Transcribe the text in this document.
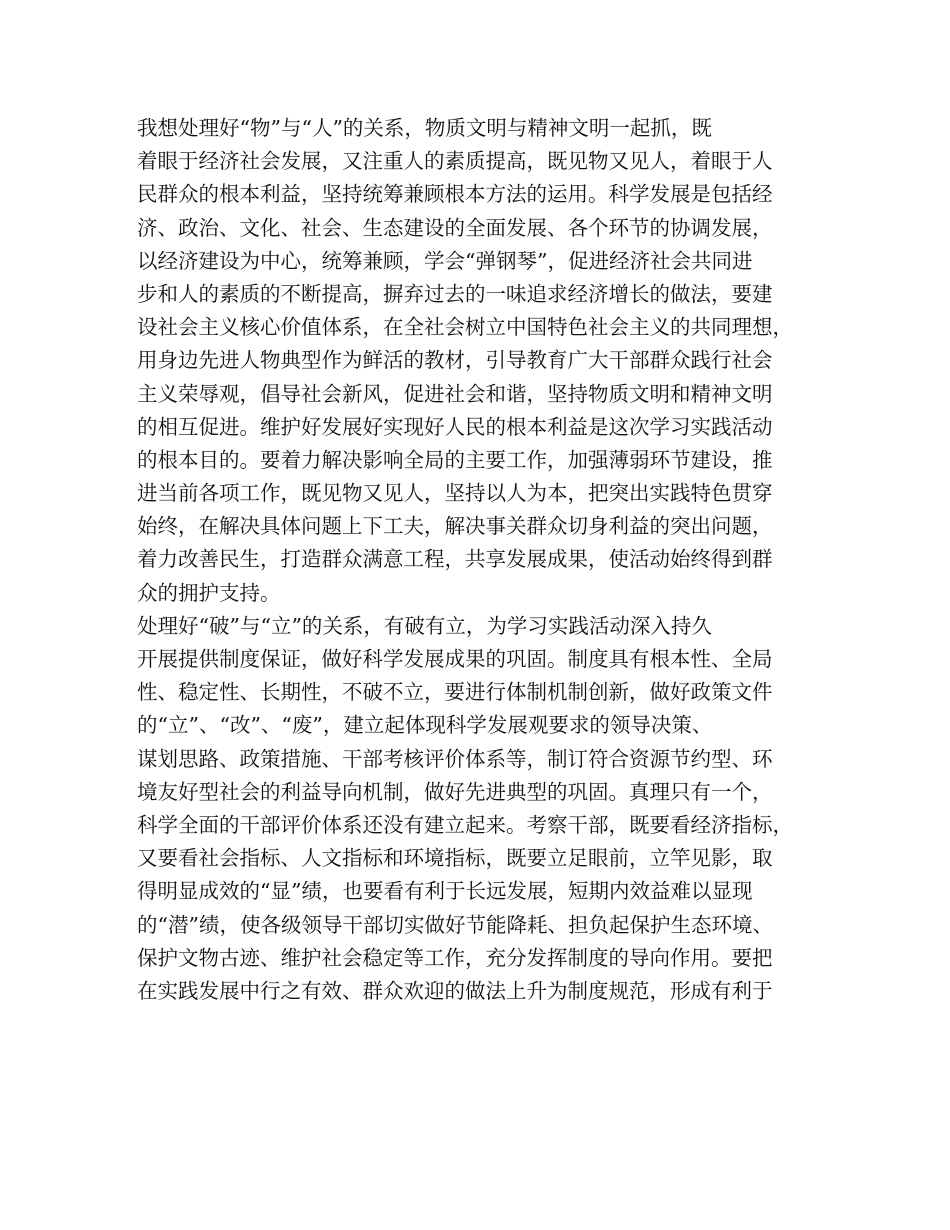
我想处理好“物”与“人”的关系，物质文明与精神文明一起抓，既
着眼于经济社会发展，又注重人的素质提高，既见物又见人，着眼于人
民群众的根本利益，坚持统筹兼顾根本方法的运用。科学发展是包括经
济、政治、文化、社会、生态建设的全面发展、各个环节的协调发展，
以经济建设为中心，统筹兼顾，学会“弹钢琴”，促进经济社会共同进
步和人的素质的不断提高，摒弃过去的一味追求经济增长的做法，要建
设社会主义核心价值体系，在全社会树立中国特色社会主义的共同理想，
用身边先进人物典型作为鲜活的教材，引导教育广大干部群众践行社会
主义荣辱观，倡导社会新风，促进社会和谐，坚持物质文明和精神文明
的相互促进。维护好发展好实现好人民的根本利益是这次学习实践活动
的根本目的。要着力解决影响全局的主要工作，加强薄弱环节建设，推
进当前各项工作，既见物又见人，坚持以人为本，把突出实践特色贯穿
始终，在解决具体问题上下工夫，解决事关群众切身利益的突出问题，
着力改善民生，打造群众满意工程，共享发展成果，使活动始终得到群
众的拥护支持。
处理好“破”与“立”的关系，有破有立，为学习实践活动深入持久
开展提供制度保证，做好科学发展成果的巩固。制度具有根本性、全局
性、稳定性、长期性，不破不立，要进行体制机制创新，做好政策文件
的“立”、“改”、“废”，建立起体现科学发展观要求的领导决策、
谋划思路、政策措施、干部考核评价体系等，制订符合资源节约型、环
境友好型社会的利益导向机制，做好先进典型的巩固。真理只有一个，
科学全面的干部评价体系还没有建立起来。考察干部，既要看经济指标，
又要看社会指标、人文指标和环境指标，既要立足眼前，立竿见影，取
得明显成效的“显”绩，也要看有利于长远发展，短期内效益难以显现
的“潜”绩，使各级领导干部切实做好节能降耗、担负起保护生态环境、
保护文物古迹、维护社会稳定等工作，充分发挥制度的导向作用。要把
在实践发展中行之有效、群众欢迎的做法上升为制度规范，形成有利于
